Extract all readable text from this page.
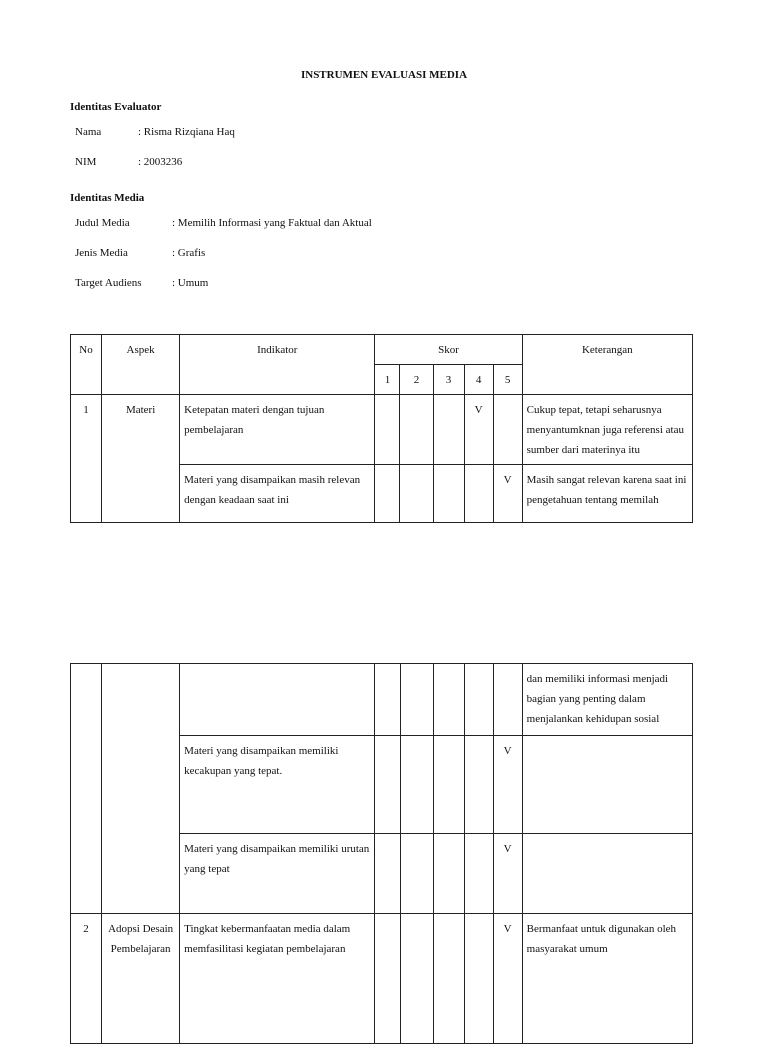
INSTRUMEN EVALUASI MEDIA
Identitas Evaluator
Nama	: Risma Rizqiana Haq
NIM	: 2003236
Identitas Media
Judul Media	: Memilih Informasi yang Faktual dan Aktual
Jenis Media	: Grafis
Target Audiens	: Umum
No	Aspek	Indikator	Skor					Keterangan
			1	2	3	4	5	
1	Materi	Ketepatan materi dengan tujuan pembelajaran				V		Cukup tepat, tetapi seharusnya menyantumknan juga referensi atau sumber dari materinya itu
		Materi yang disampaikan masih relevan dengan keadaan saat ini					V	Masih sangat relevan karena saat ini pengetahuan tentang memilah
								dan memiliki informasi menjadi bagian yang penting dalam menjalankan kehidupan sosial
		Materi yang disampaikan memiliki kecakupan yang tepat.					V	
		Materi yang disampaikan memiliki urutan yang tepat					V	
2	Adopsi Desain Pembelajaran	Tingkat kebermanfaatan media dalam memfasilitasi kegiatan pembelajaran					V	Bermanfaat untuk digunakan oleh masyarakat umum
